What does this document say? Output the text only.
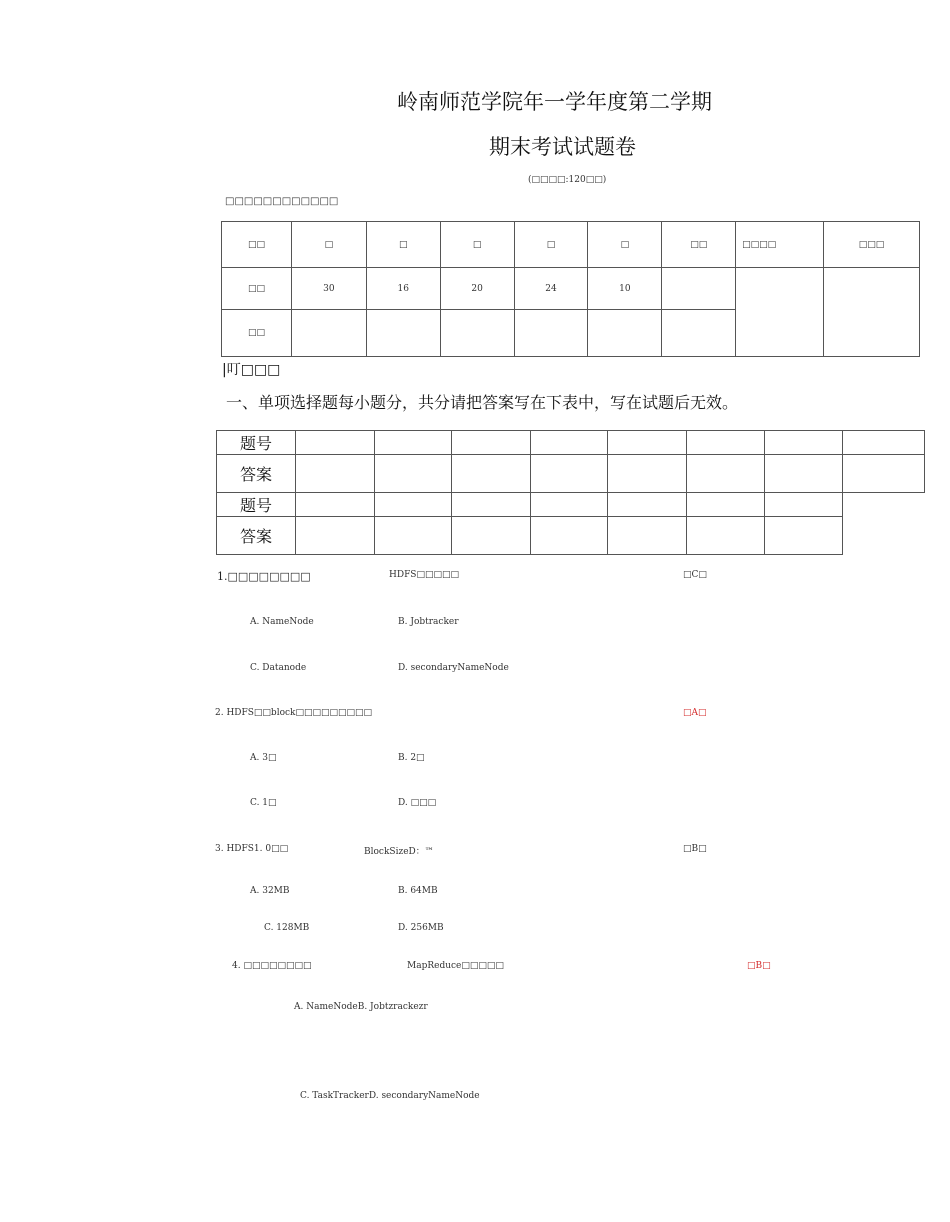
岭南师范学院年一学年度第二学期
期末考试试题卷
(□□□□:120□□)
□□□□□□□□□□□□
□□	□	□	□	□	□	□□	□□□□	□□□
□□	30	16	20	24	10			
□□								
|叮□□□
一、单项选择题每小题分，共分请把答案写在下表中，写在试题后无效。
题号								
答案								
题号								
答案								
1.□□□□□□□□	HDFS□□□□□	□C□
A. NameNode	B. Jobtracker
C. Datanode	D. secondaryNameNode
2. HDFS□□block□□□□□□□□□	□A□
A. 3□	B. 2□
C. 1□	D. □□□
3. HDFS1. 0□□	BlockSizeD：™	□B□
A. 32MB	B. 64MB
C. 128MB	D. 256MB
4. □□□□□□□□	MapReduce□□□□□	□B□
A. NameNodeB. Jobtzrackezr
C. TaskTrackerD. secondaryNameNode
